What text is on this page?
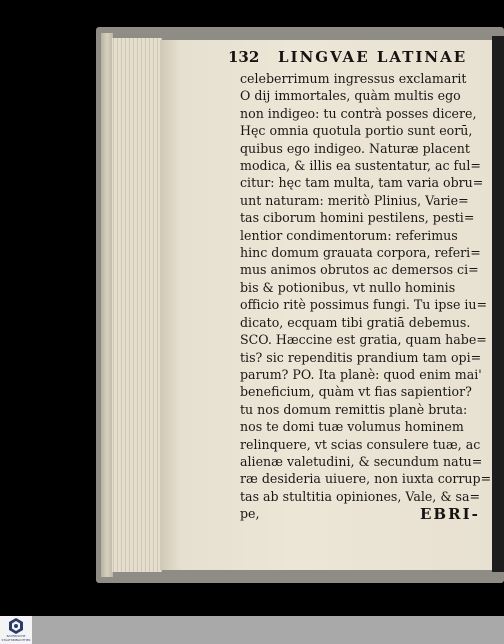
132 LINGVAE LATINAE
celeberrimum ingressus exclamarit
O dij immortales, quàm multis ego
non indigeo: tu contrà posses dicere,
Hęc omnia quotula portio sunt eorū,
quibus ego indigeo. Naturæ placent
modica, & illis ea sustentatur, ac ful=
citur: hęc tam multa, tam varia obru=
unt naturam: meritò Plinius, Varie=
tas ciborum homini pestilens, pesti=
lentior condimentorum: referimus
hinc domum grauata corpora, referi=
mus animos obrutos ac demersos ci=
bis & potionibus, vt nullo hominis
officio ritè possimus fungi. Tu ipse iu=
dicato, ecquam tibi gratiā debemus.
SCO. Hæccine est gratia, quam habe=
tis? sic rependitis prandium tam opi=
parum? PO. Ita planè: quod enim mai'
beneficium, quàm vt fias sapientior?
tu nos domum remittis planè bruta:
nos te domi tuæ volumus hominem
relinquere, vt scias consulere tuæ, ac
alienæ valetudini, & secundum natu=
ræ desideria uiuere, non iuxta corrup=
tas ab stultitia opiniones, Vale, & sa=
pe,	EBRI-
BAYERISCHE STAATSBIBLIOTHEK
